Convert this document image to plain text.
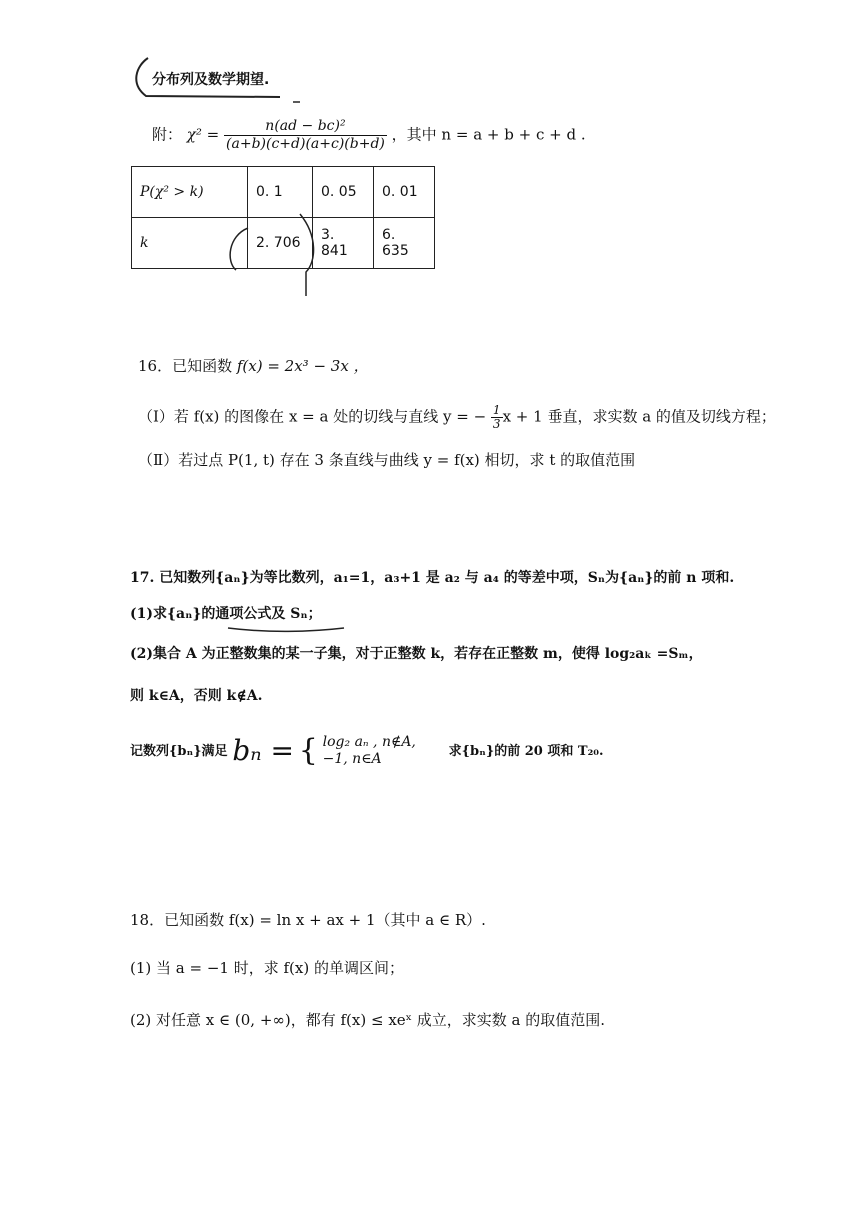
分布列及数学期望.
附： $\chi^2 = \frac{\text{n(ad − bc)²}}{(a+b)(c+d)(a+c)(b+d)}$ ，其中 n = a + b + c + d .
P(χ² > k)	0. 1	0. 05	0. 01
k	2. 706	3. 841	6. 635
16．已知函数 f(x) = 2x³ − 3x ，
（Ⅰ）若 f(x) 的图像在 x = a 处的切线与直线 y = − $\frac{1}{3}$ x + 1 垂直，求实数 a 的值及切线方程；
（Ⅱ）若过点 P(1, t) 存在 3 条直线与曲线 y = f(x) 相切，求 t 的取值范围
17. 已知数列{aₙ}为等比数列，a₁=1，a₃+1 是 a₂ 与 a₄ 的等差中项，Sₙ为{aₙ}的前 n 项和.
(1)求{aₙ}的通项公式及 Sₙ；
(2)集合 A 为正整数集的某一子集，对于正整数 k，若存在正整数 m，使得 log₂aₖ =Sₘ，
则 k∈A，否则 k∉A.
记数列{bₙ}满足 bₙ = { log₂ aₙ , n∉A,
−1, n∈A	求{bₙ}的前 20 项和 T₂₀.
18．已知函数 f(x) = ln x + ax + 1（其中 a ∈ R）.
(1) 当 a = −1 时，求 f(x) 的单调区间；
(2) 对任意 x ∈ (0, +∞)，都有 f(x) ≤ xeˣ 成立，求实数 a 的取值范围.
